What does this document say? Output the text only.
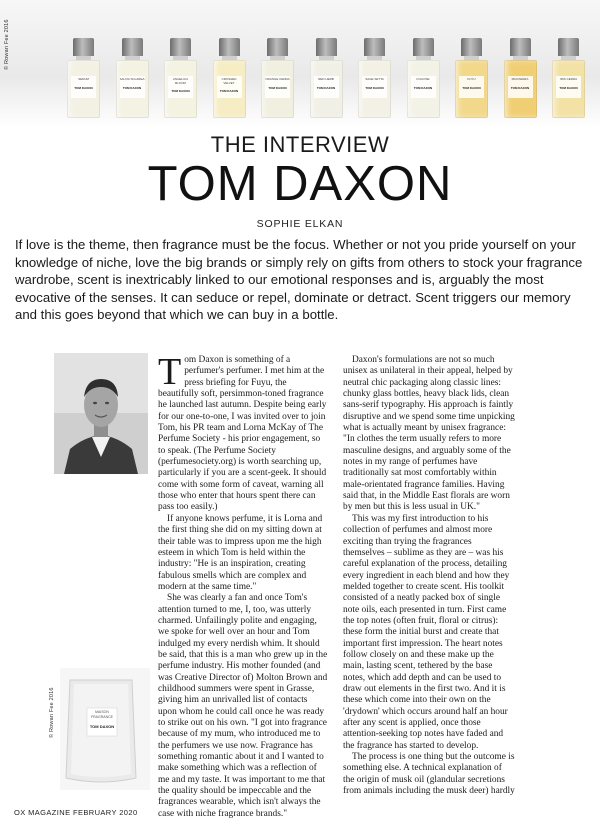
© Rowan Fee 2016
SEDUM
TOM DAXON
SALVIA SCLAREA
TOM DAXON
ANGELICA BLOOM
TOM DAXON
CRUSHED VELVET
TOM DAXON
ORANGE CEDRA
TOM DAXON
RED HERB
TOM DAXON
SAGE SETTA
TOM DAXON
FOLIOSE
TOM DAXON
FUYU
TOM DAXON
MUGIWARA
TOM DAXON
IRIS CEDRA
TOM DAXON
THE INTERVIEW
TOM DAXON
SOPHIE ELKAN
If love is the theme, then fragrance must be the focus. Whether or not you pride yourself on your knowledge of niche, love the big brands or simply rely on gifts from others to stock your fragrance wardrobe, scent is inextricably linked to our emotional responses and is, arguably the most evocative of the senses. It can seduce or repel, dominate or detract. Scent triggers our memory and this goes beyond that which we can buy in a bottle.
© Rowan Fee 2016	MAISON
FRAGRANCE
TOM DAXON

Tom Daxon is something of a perfumer's perfumer. I met him at the press briefing for Fuyu, the beautifully soft, persimmon-toned fragrance he launched last autumn. Despite being early for our one-to-one, I was invited over to join Tom, his PR team and Lorna McKay of The Perfume Society - his prior engagement, so to speak. (The Perfume Society (perfumesociety.org) is worth searching up, particularly if you are a scent-geek. It should come with some form of caveat, warning all those who enter that hours spent there can pass too easily.)

If anyone knows perfume, it is Lorna and the first thing she did on my sitting down at their table was to impress upon me the high esteem in which Tom is held within the industry: "He is an inspiration, creating fabulous smells which are complex and modern at the same time."

She was clearly a fan and once Tom's attention turned to me, I, too, was utterly charmed. Unfailingly polite and engaging, we spoke for well over an hour and Tom indulged my every nerdish whim. It should be said, that this is a man who grew up in the perfume industry. His mother founded (and was Creative Director of) Molton Brown and childhood summers were spent in Grasse, giving him an unrivalled list of contacts upon whom he could call once he was ready to strike out on his own. "I got into fragrance because of my mum, who introduced me to the perfumers we use now. Fragrance has something romantic about it and I wanted to make something which was a reflection of me and my taste. It was important to me that the quality should be impeccable and the fragrances wearable, which isn't always the case with niche fragrance brands."

Daxon's formulations are not so much unisex as unilateral in their appeal, helped by neutral chic packaging along classic lines: chunky glass bottles, heavy black lids, clean sans-serif typography. His approach is faintly disruptive and we spend some time unpicking what is actually meant by unisex fragrance: "In clothes the term usually refers to more masculine designs, and arguably some of the notes in my range of perfumes have traditionally sat most comfortably within male-orientated fragrance families. Having said that, in the Middle East florals are worn by men but this is less usual in UK."

This was my first introduction to his collection of perfumes and almost more exciting than trying the fragrances themselves – sublime as they are – was his careful explanation of the process, detailing every ingredient in each blend and how they melded together to create scent. His toolkit consisted of a neatly packed box of single note oils, each presented in turn. First came the top notes (often fruit, floral or citrus): these form the initial burst and create that important first impression. The heart notes follow closely on and these make up the main, lasting scent, tethered by the base notes, which add depth and can be used to draw out elements in the first two. And it is these which come into their own on the 'drydown' which occurs around half an hour after any scent is applied, once those attention-seeking top notes have faded and the fragrance has started to develop.

The process is one thing but the outcome is something else. A technical explanation of the origin of musk oil (glandular secretions from animals including the musk deer) hardly

OX MAGAZINE FEBRUARY 2020
